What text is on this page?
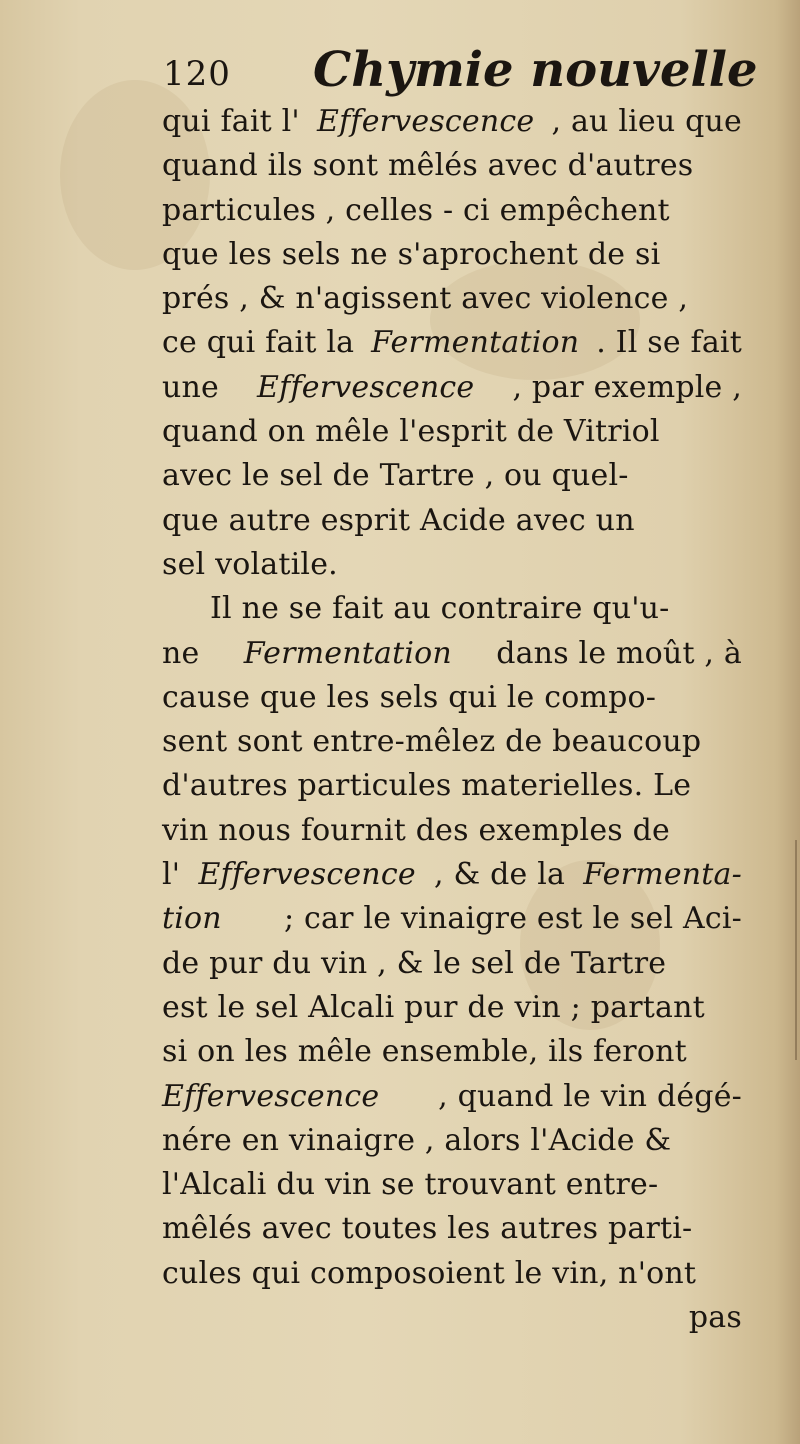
120 Chymie nouvelle
qui fait l' Effervescence , au lieu que
quand ils sont mêlés avec d'autres
particules , celles - ci empêchent
que les sels ne s'aprochent de si
prés , & n'agissent avec violence ,
ce qui fait la Fermentation . Il se fait
une Effervescence , par exemple ,
quand on mêle l'esprit de Vitriol
avec le sel de Tartre , ou quel-
que autre esprit Acide avec un
sel volatile.
Il ne se fait au contraire qu'u-
ne Fermentation dans le moût , à
cause que les sels qui le compo-
sent sont entre-mêlez de beaucoup
d'autres particules materielles. Le
vin nous fournit des exemples de
l' Effervescence , & de la Fermenta-
tion ; car le vinaigre est le sel Aci-
de pur du vin , & le sel de Tartre
est le sel Alcali pur de vin ; partant
si on les mêle ensemble, ils feront
Effervescence , quand le vin dégé-
nére en vinaigre , alors l'Acide &
l'Alcali du vin se trouvant entre-
mêlés avec toutes les autres parti-
cules qui composoient le vin, n'ont
pas
